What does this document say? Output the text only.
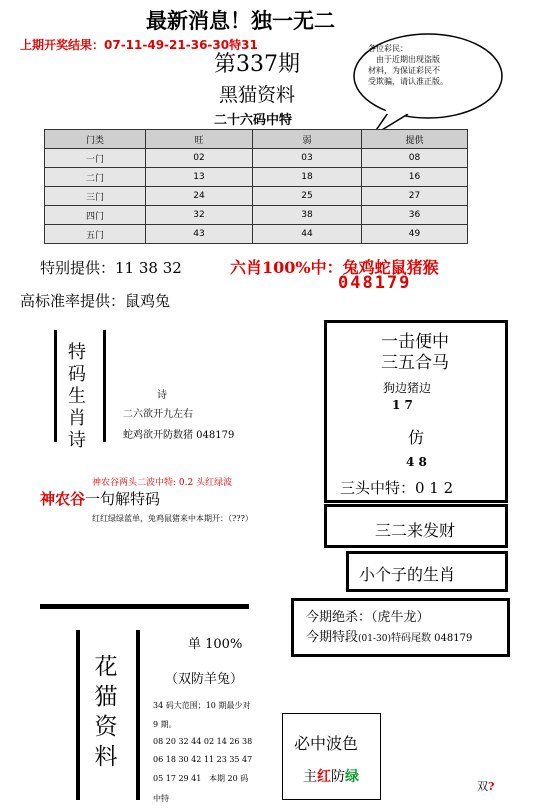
最新消息！独一无二
上期开奖结果：07-11-49-21-36-30特31
第337期
黑猫资料
二十六码中特
各位彩民：
由于近期出现盗版
材料，为保证彩民不
受欺骗，请认准正版。
门类	旺	弱	提供
一门	02	03	08
二门	13	18	16
三门	24	25	27
四门	32	38	36
五门	43	44	49
特别提供：11 38 32	六肖100%中：兔鸡蛇鼠猪猴
048179
高标准率提供：鼠鸡兔
特
码
生
肖
诗
诗
二六欲开九左右
蛇鸡欲开防数猪 048179
神农谷两头二波中特: 0.2 头红绿波
神农谷一句解特码
红红绿绿蓝单，兔鸡鼠猪来中本期开：（???）
一击便中
三五合马
狗边猪边
1 7
仿
4 8
三头中特：0 1 2
三二来发财
小个子的生肖
今期绝杀：（虎牛龙）
今期特段(01-30)特码尾数 048179
花
猫
资
料
单 100%
（双防羊兔）
34 码大范围；10 期最少对
9 期。
08 20 32 44 02 14 26 38
06 18 30 42 11 23 35 47
05 17 29 41   本期 20 码
中特
必中波色
主红防绿
双?
